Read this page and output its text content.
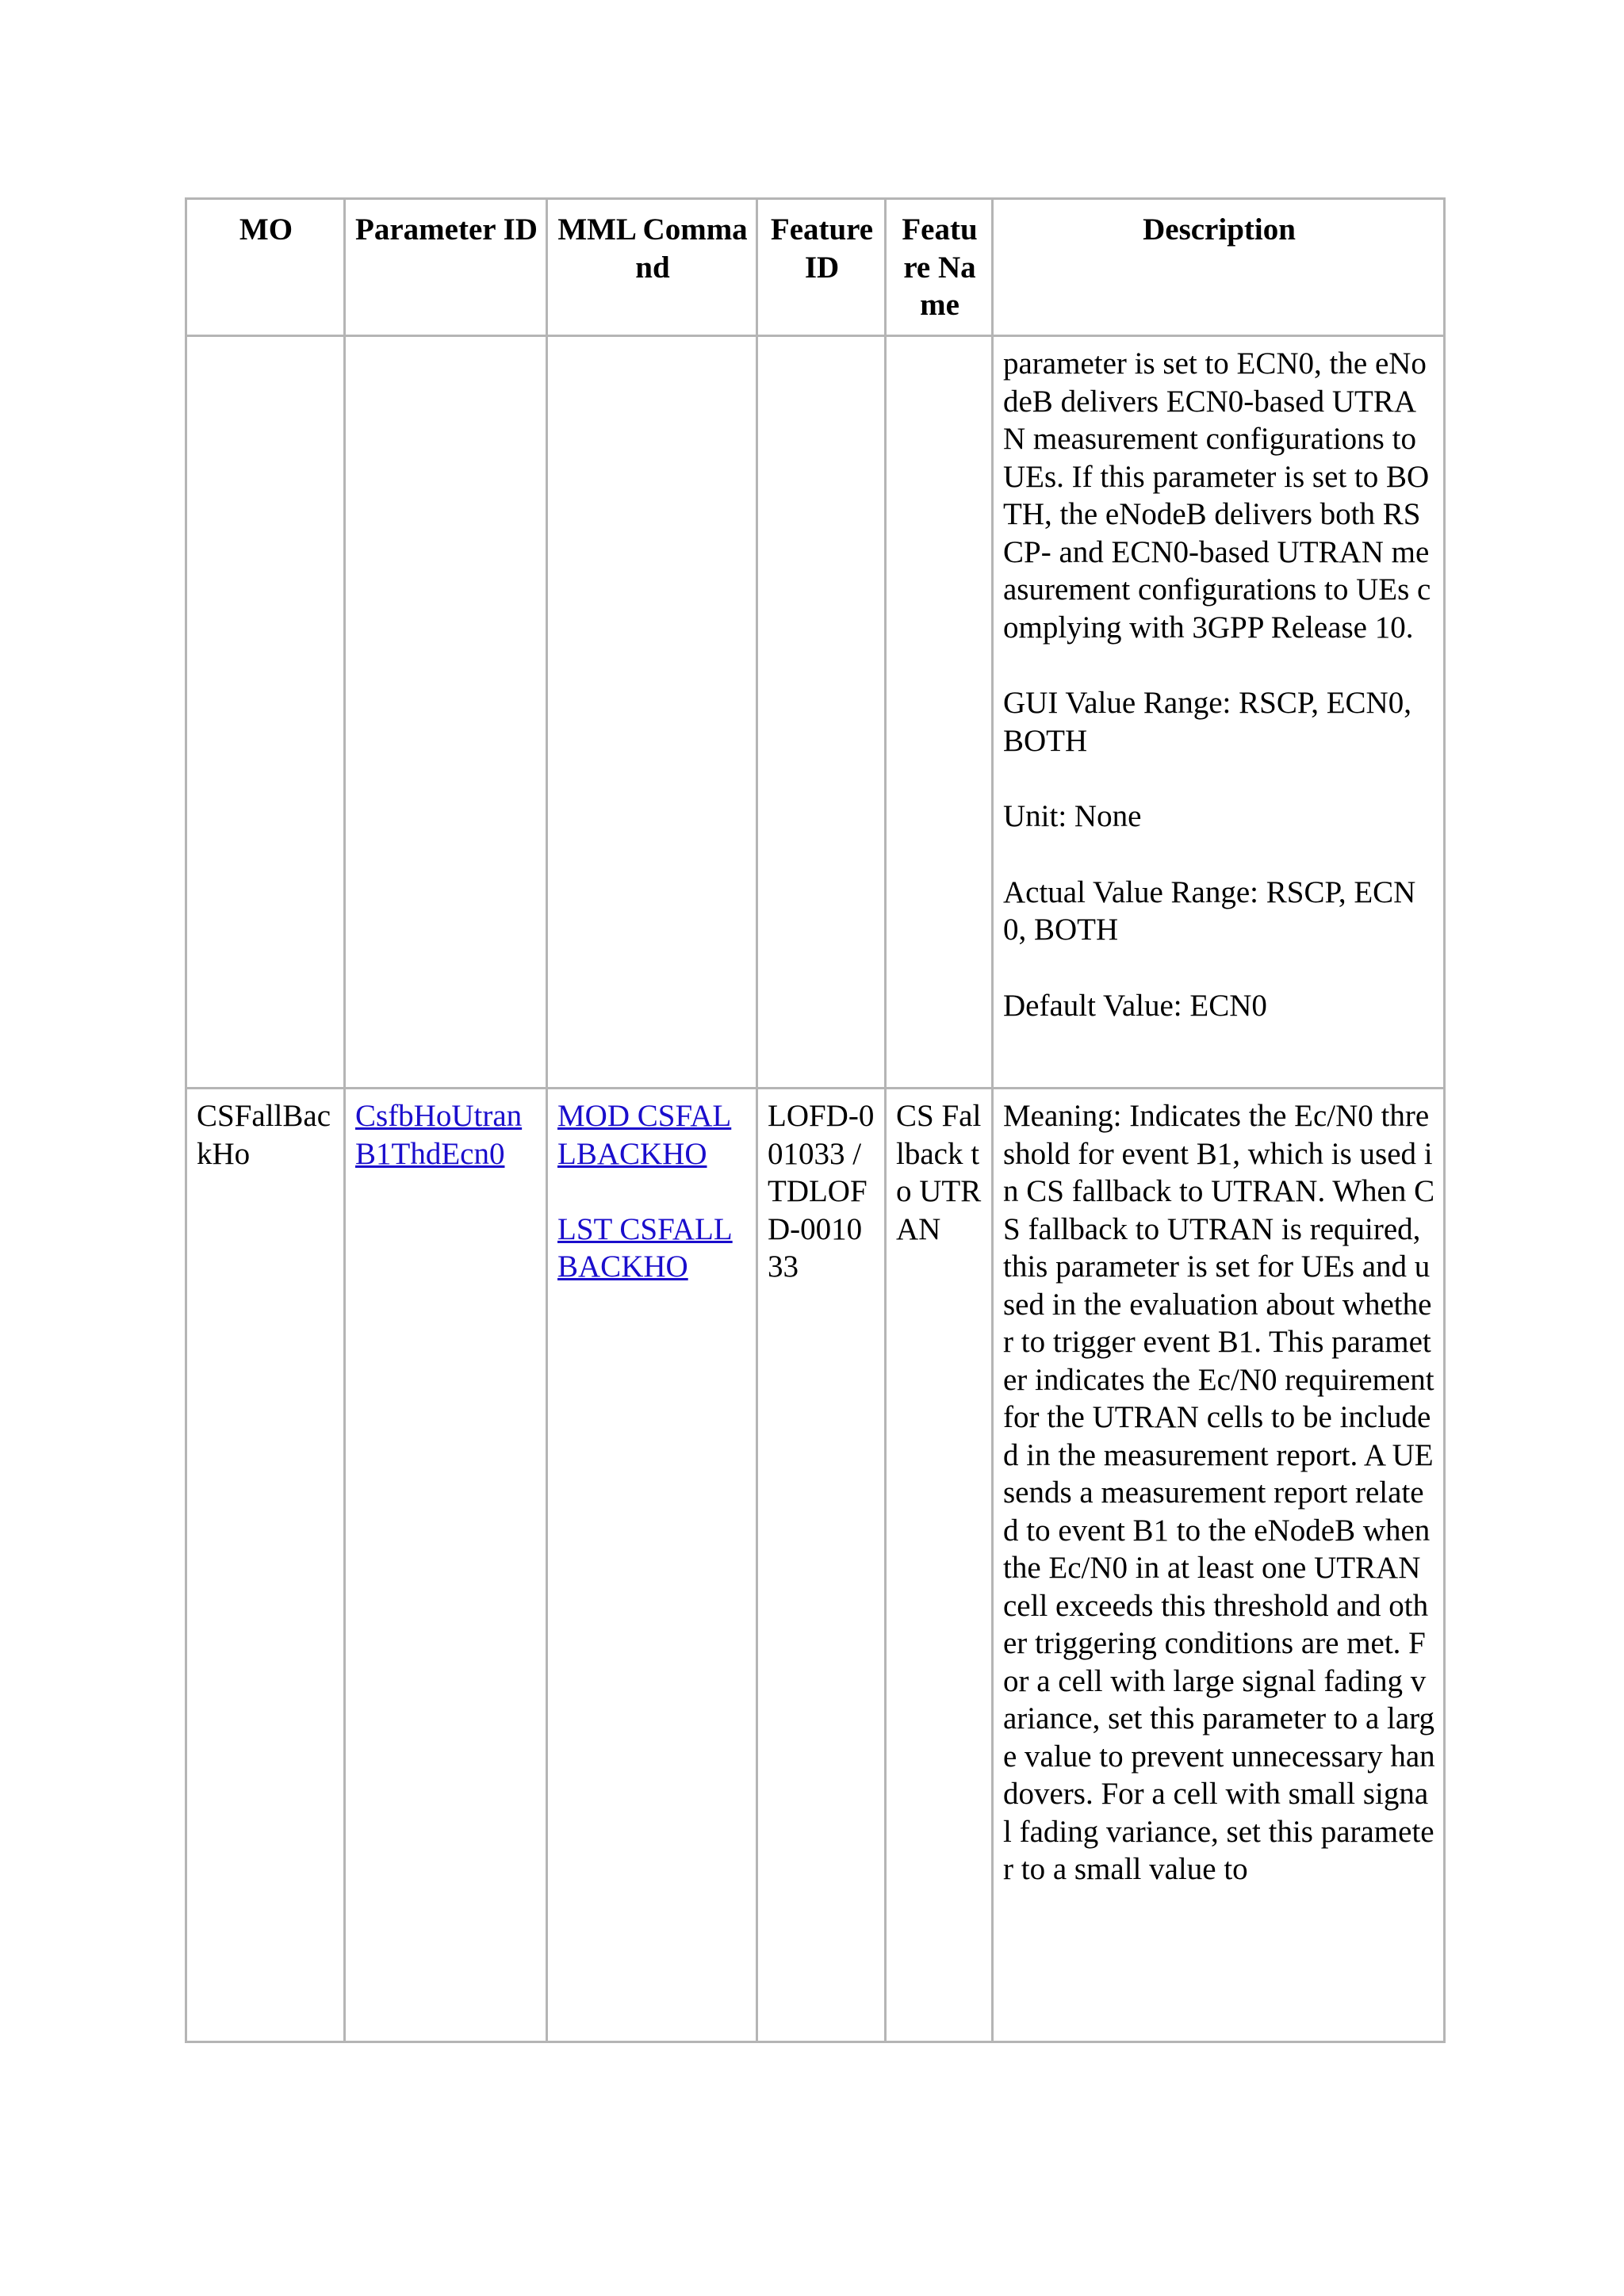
MO	Parameter ID	MML Command	Feature ID	Feature Name	Description

					parameter is set to ECN0, the eNodeB delivers ECN0-based UTRAN measurement configurations to UEs. If this parameter is set to BOTH, the eNodeB delivers both RSCP- and ECN0-based UTRAN measurement configurations to UEs complying with 3GPP Release 10.
GUI Value Range: RSCP, ECN0, BOTH
Unit: None
Actual Value Range: RSCP, ECN0, BOTH
Default Value: ECN0

CSFallBackHo	CsfbHoUtranB1ThdEcn0	MOD CSFALLBACKHO
LST CSFALLBACKHO	LOFD-001033 / TDLOFD-001033	CS Fallback to UTRAN	Meaning: Indicates the Ec/N0 threshold for event B1, which is used in CS fallback to UTRAN. When CS fallback to UTRAN is required, this parameter is set for UEs and used in the evaluation about whether to trigger event B1. This parameter indicates the Ec/N0 requirement for the UTRAN cells to be included in the measurement report. A UE sends a measurement report related to event B1 to the eNodeB when the Ec/N0 in at least one UTRAN cell exceeds this threshold and other triggering conditions are met. For a cell with large signal fading variance, set this parameter to a large value to prevent unnecessary handovers. For a cell with small signal fading variance, set this parameter to a small value to
